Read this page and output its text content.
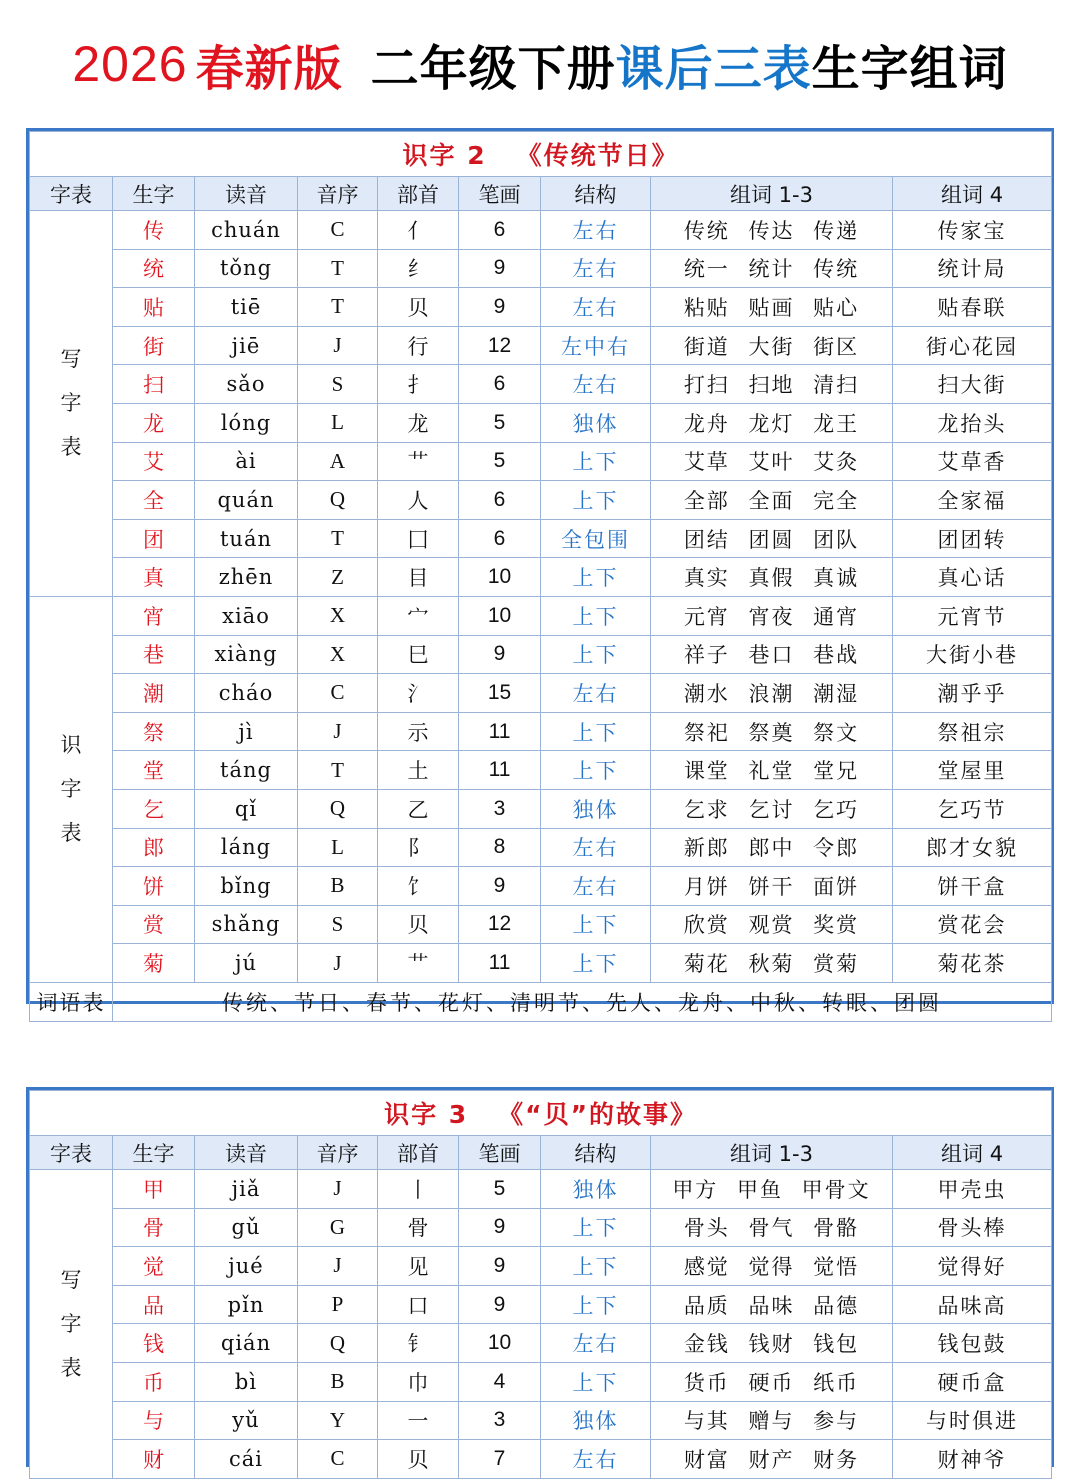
2026 春新版 二年级下册 课后三表 生字组词
识字 2 《传统节日》								
字表	生字	读音	音序	部首	笔画	结构	组词 1-3	组词 4

写
字
表	传	chuán	C	亻	6	左右	传统 传达 传递	传家宝
	统	tǒng	T	纟	9	左右	统一 统计 传统	统计局
	贴	tiē	T	贝	9	左右	粘贴 贴画 贴心	贴春联
	街	jiē	J	行	12	左中右	街道 大街 街区	街心花园
	扫	sǎo	S	扌	6	左右	打扫 扫地 清扫	扫大街
	龙	lóng	L	龙	5	独体	龙舟 龙灯 龙王	龙抬头
	艾	ài	A	艹	5	上下	艾草 艾叶 艾灸	艾草香
	全	quán	Q	人	6	上下	全部 全面 完全	全家福
	团	tuán	T	囗	6	全包围	团结 团圆 团队	团团转
	真	zhēn	Z	目	10	上下	真实 真假 真诚	真心话

识
字
表	宵	xiāo	X	宀	10	上下	元宵 宵夜 通宵	元宵节
	巷	xiàng	X	巳	9	上下	祥子 巷口 巷战	大街小巷
	潮	cháo	C	氵	15	左右	潮水 浪潮 潮湿	潮乎乎
	祭	jì	J	示	11	上下	祭祀 祭奠 祭文	祭祖宗
	堂	táng	T	土	11	上下	课堂 礼堂 堂兄	堂屋里
	乞	qǐ	Q	乙	3	独体	乞求 乞讨 乞巧	乞巧节
	郎	láng	L	阝	8	左右	新郎 郎中 令郎	郎才女貌
	饼	bǐng	B	饣	9	左右	月饼 饼干 面饼	饼干盒
	赏	shǎng	S	贝	12	上下	欣赏 观赏 奖赏	赏花会
	菊	jú	J	艹	11	上下	菊花 秋菊 赏菊	菊花茶
词语表	传统、节日、春节、花灯、清明节、先人、龙舟、中秋、转眼、团圆							
识字 3 《“贝”的故事》								
字表	生字	读音	音序	部首	笔画	结构	组词 1-3	组词 4

写
字
表	甲	jiǎ	J	丨	5	独体	甲方 甲鱼 甲骨文	甲壳虫
	骨	gǔ	G	骨	9	上下	骨头 骨气 骨骼	骨头棒
	觉	jué	J	见	9	上下	感觉 觉得 觉悟	觉得好
	品	pǐn	P	口	9	上下	品质 品味 品德	品味高
	钱	qián	Q	钅	10	左右	金钱 钱财 钱包	钱包鼓
	币	bì	B	巾	4	上下	货币 硬币 纸币	硬币盒
	与	yǔ	Y	一	3	独体	与其 赠与 参与	与时俱进
	财	cái	C	贝	7	左右	财富 财产 财务	财神爷
